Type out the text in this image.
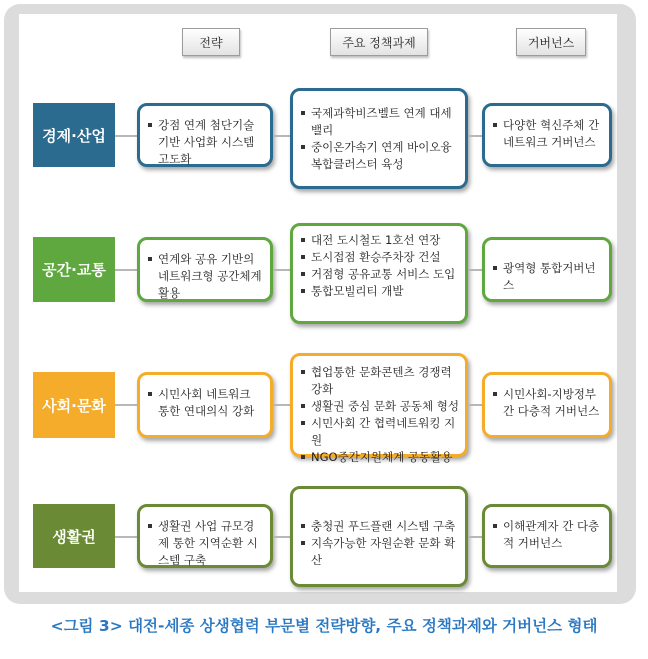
전략	주요 정책과제	거버넌스
경제·산업
강점 연계 첨단기술 기반 사업화 시스템 고도화
국제과학비즈벨트 연계 대세밸리
중이온가속기 연계 바이오융복합클러스터 육성
다양한 혁신주체 간 네트워크 거버넌스
공간·교통
연계와 공유 기반의 네트워크형 공간체계 활용
대전 도시철도 1호선 연장
도시접점 환승주차장 건설
거점형 공유교통 서비스 도입
통합모빌리티 개발
광역형 통합거버넌스
사회·문화
시민사회 네트워크 통한 연대의식 강화
협업통한 문화콘텐츠 경쟁력 강화
생활권 중심 문화 공동체 형성
시민사회 간 협력네트워킹 지원
NGO중간지원체계 공동활용
시민사회-지방정부간 다층적 거버넌스
생활권
생활권 사업 규모경제 통한 지역순환 시스템 구축
충청권 푸드플랜 시스템 구축
지속가능한 자원순환 문화 확산
이해관계자 간 다층적 거버넌스
<그림 3> 대전-세종 상생협력 부문별 전략방향, 주요 정책과제와 거버넌스 형태
